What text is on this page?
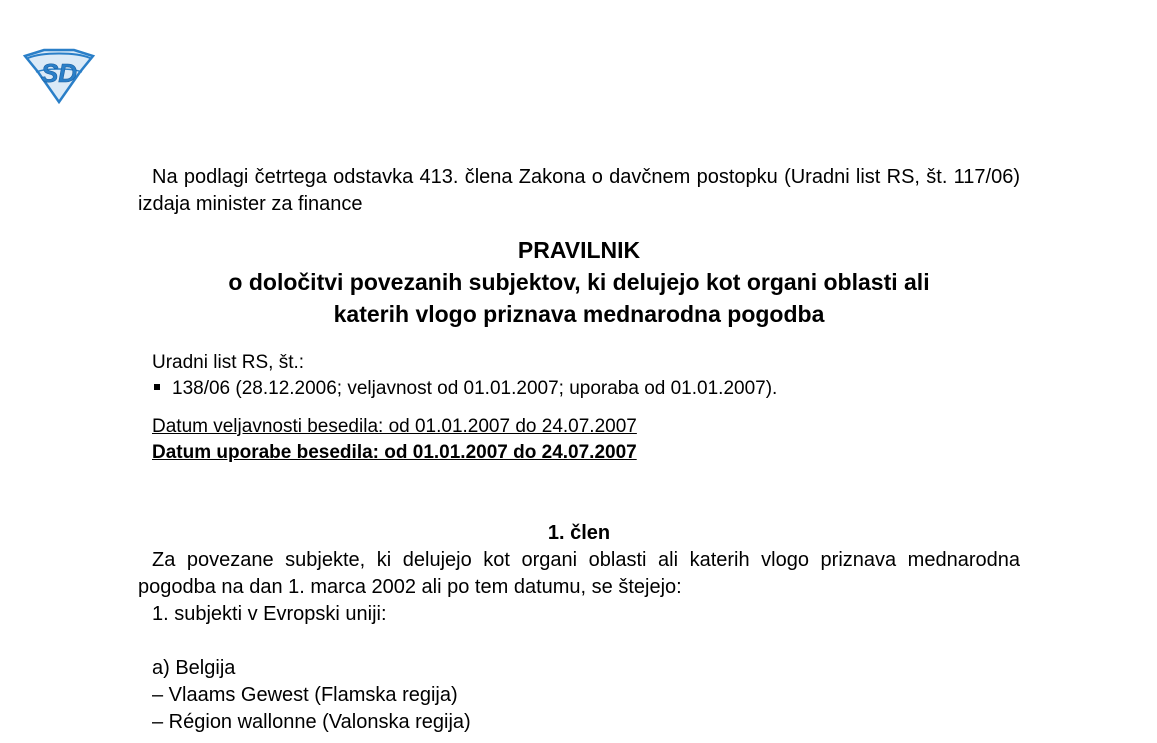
SD

Na podlagi četrtega odstavka 413. člena Zakona o davčnem postopku (Uradni list RS, št. 117/06) izdaja minister za finance

PRAVILNIK
o določitvi povezanih subjektov, ki delujejo kot organi oblasti ali
katerih vlogo priznava mednarodna pogodba
Uradni list RS, št.:
138/06 (28.12.2006; veljavnost od 01.01.2007; uporaba od 01.01.2007).
Datum veljavnosti besedila: od 01.01.2007 do 24.07.2007
Datum uporabe besedila: od 01.01.2007 do 24.07.2007
1. člen

Za povezane subjekte, ki delujejo kot organi oblasti ali katerih vlogo priznava mednarodna pogodba na dan 1. marca 2002 ali po tem datumu, se štejejo:

1. subjekti v Evropski uniji:
a) Belgija
– Vlaams Gewest (Flamska regija)
– Région wallonne (Valonska regija)
